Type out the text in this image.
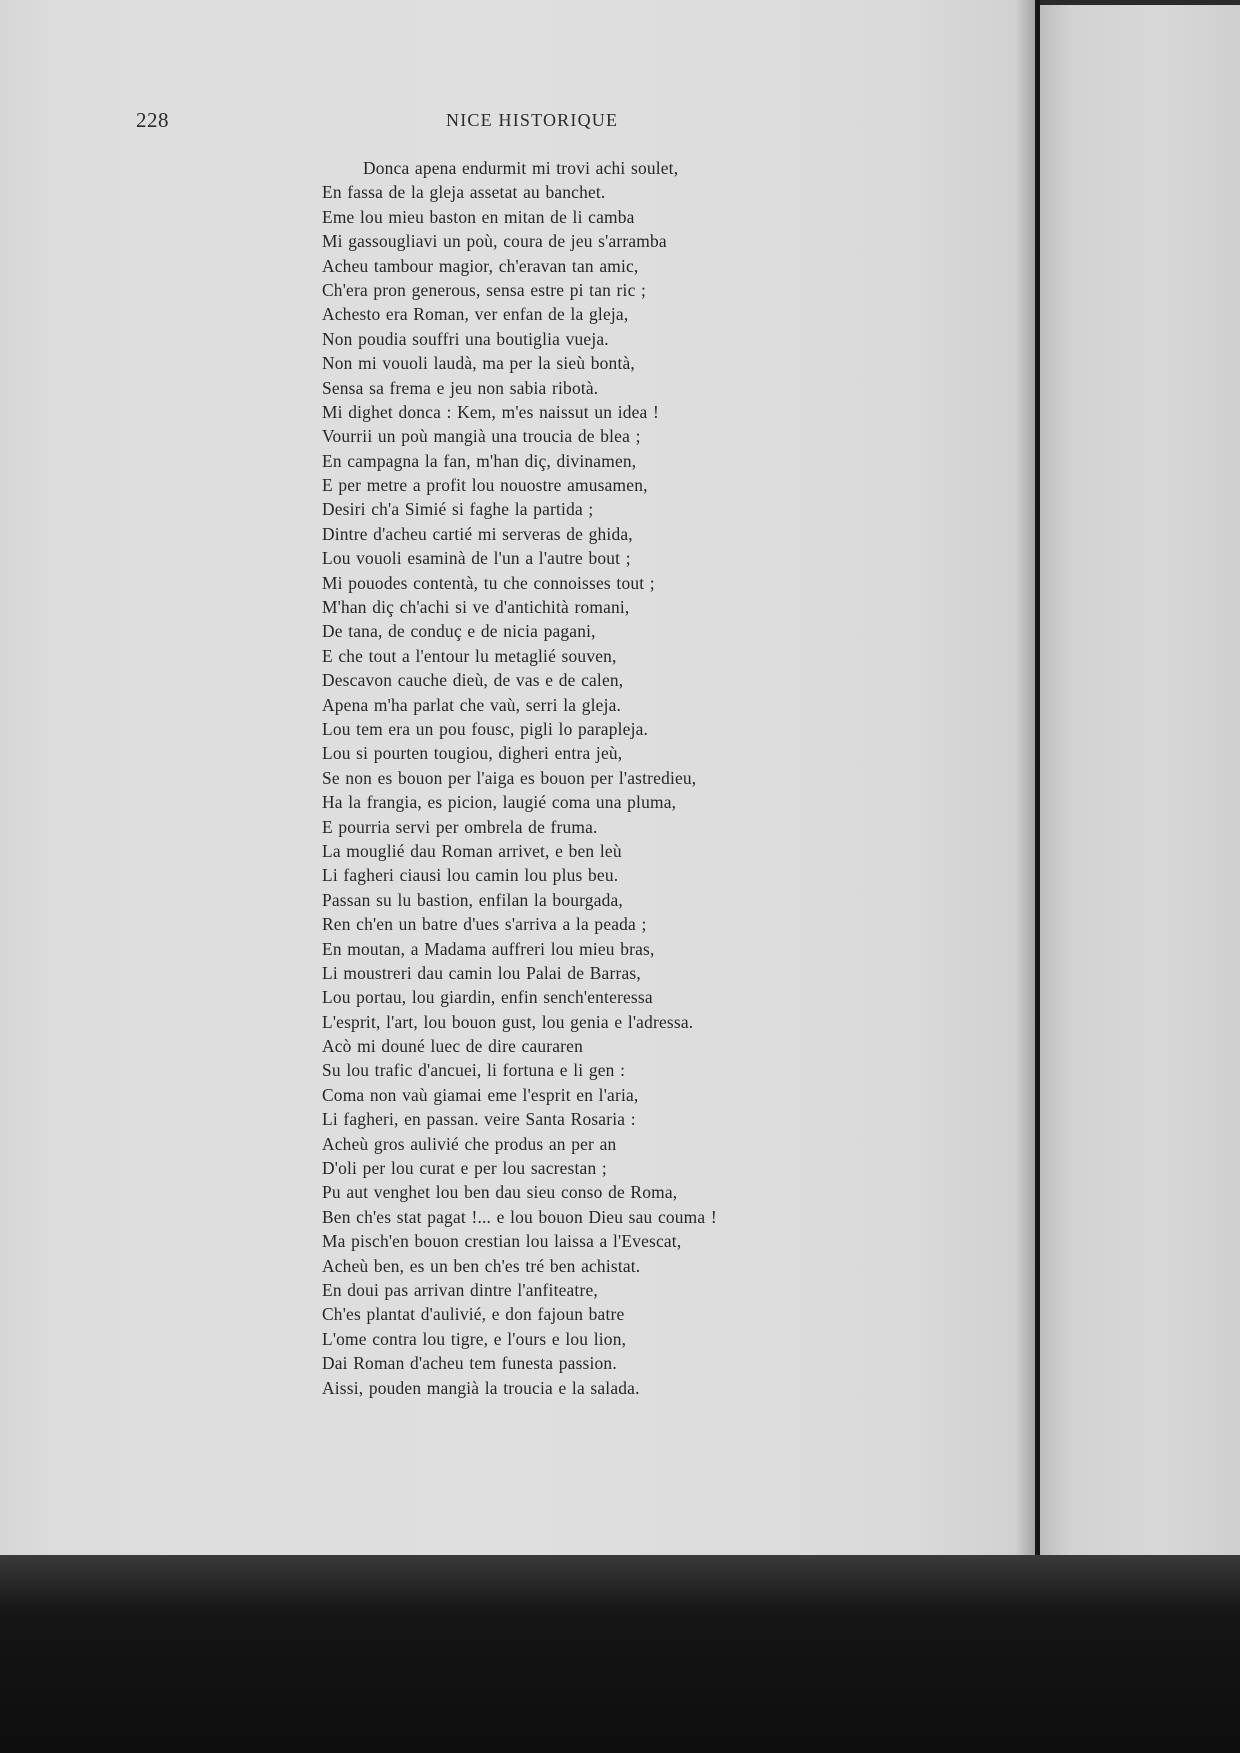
228	NICE HISTORIQUE
Donca apena endurmit mi trovi achi soulet,
En fassa de la gleja assetat au banchet.
Eme lou mieu baston en mitan de li camba
Mi gassougliavi un poù, coura de jeu s'arramba
Acheu tambour magior, ch'eravan tan amic,
Ch'era pron generous, sensa estre pi tan ric ;
Achesto era Roman, ver enfan de la gleja,
Non poudia souffri una boutiglia vueja.
Non mi vouoli laudà, ma per la sieù bontà,
Sensa sa frema e jeu non sabia ribotà.
Mi dighet donca : Kem, m'es naissut un idea !
Vourrii un poù mangià una troucia de blea ;
En campagna la fan, m'han diç, divinamen,
E per metre a profit lou nouostre amusamen,
Desiri ch'a Simié si faghe la partida ;
Dintre d'acheu cartié mi serveras de ghida,
Lou vouoli esaminà de l'un a l'autre bout ;
Mi pouodes contentà, tu che connoisses tout ;
M'han diç ch'achi si ve d'antichità romani,
De tana, de conduç e de nicia pagani,
E che tout a l'entour lu metaglié souven,
Descavon cauche dieù, de vas e de calen,
Apena m'ha parlat che vaù, serri la gleja.
Lou tem era un pou fousc, pigli lo parapleja.
Lou si pourten tougiou, digheri entra jeù,
Se non es bouon per l'aiga es bouon per l'astredieu,
Ha la frangia, es picion, laugié coma una pluma,
E pourria servi per ombrela de fruma.
La mouglié dau Roman arrivet, e ben leù
Li fagheri ciausi lou camin lou plus beu.
Passan su lu bastion, enfilan la bourgada,
Ren ch'en un batre d'ues s'arriva a la peada ;
En moutan, a Madama auffreri lou mieu bras,
Li moustreri dau camin lou Palai de Barras,
Lou portau, lou giardin, enfin sench'enteressa
L'esprit, l'art, lou bouon gust, lou genia e l'adressa.
Acò mi douné luec de dire cauraren
Su lou trafic d'ancuei, li fortuna e li gen :
Coma non vaù giamai eme l'esprit en l'aria,
Li fagheri, en passan. veire Santa Rosaria :
Acheù gros aulivié che produs an per an
D'oli per lou curat e per lou sacrestan ;
Pu aut venghet lou ben dau sieu conso de Roma,
Ben ch'es stat pagat !... e lou bouon Dieu sau couma !
Ma pisch'en bouon crestian lou laissa a l'Evescat,
Acheù ben, es un ben ch'es tré ben achistat.
En doui pas arrivan dintre l'anfiteatre,
Ch'es plantat d'aulivié, e don fajoun batre
L'ome contra lou tigre, e l'ours e lou lion,
Dai Roman d'acheu tem funesta passion.
Aissi, pouden mangià la troucia e la salada.
